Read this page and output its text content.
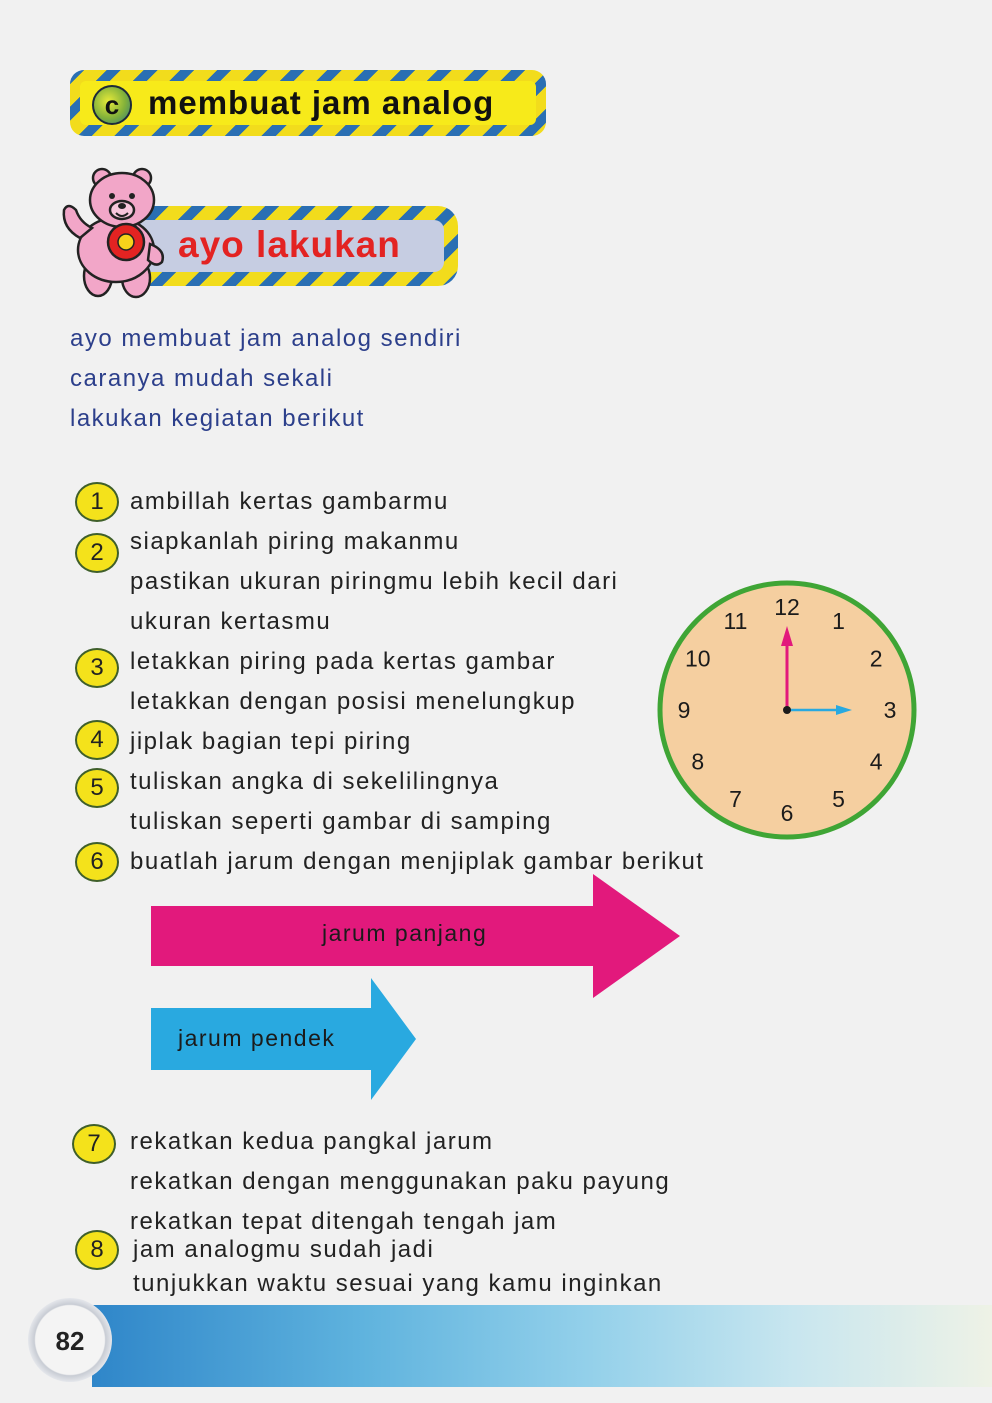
c membuat jam analog
ayo lakukan
ayo membuat jam analog sendiri
caranya mudah sekali
lakukan kegiatan berikut
1	ambillah kertas gambarmu
2	siapkanlah piring makanmu
pastikan ukuran piringmu lebih kecil dari
ukuran kertasmu
3	letakkan piring pada kertas gambar
letakkan dengan posisi menelungkup
4	jiplak bagian tepi piring
5	tuliskan angka di sekelilingnya
tuliskan seperti gambar di samping
6	buatlah jarum dengan menjiplak gambar berikut
jarum panjang
jarum pendek
7	rekatkan kedua pangkal jarum
rekatkan dengan menggunakan paku payung
rekatkan tepat ditengah tengah jam
8	jam analogmu sudah jadi
tunjukkan waktu sesuai yang kamu inginkan
12
1
2
3
4
5
6
7
8
9
10
11
82
